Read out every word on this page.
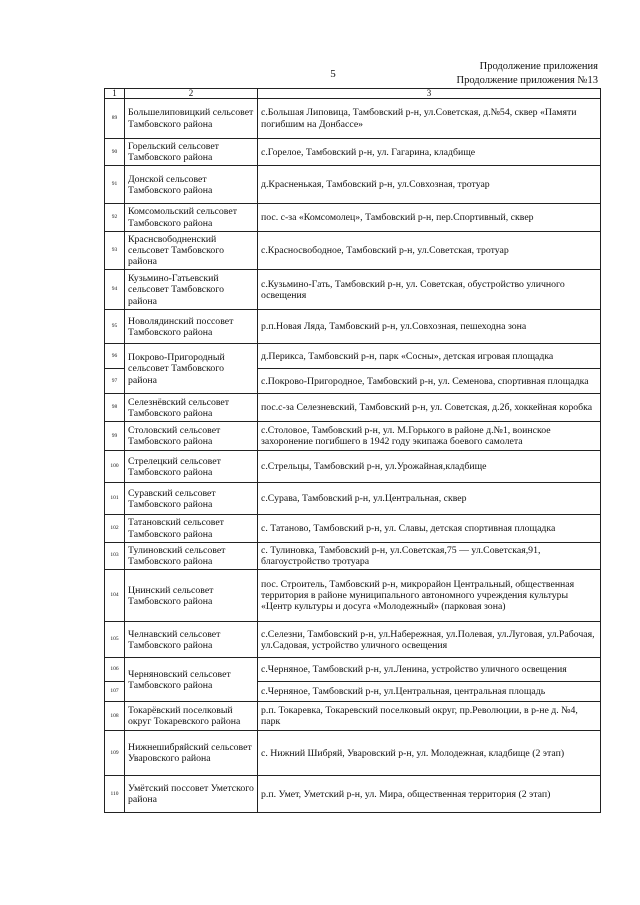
Продолжение приложения
5
Продолжение приложения №13
1	2	3
89	Большелиповицкий сельсовет Тамбовского района	с.Большая Липовица, Тамбовский р-н, ул.Советская, д.№54, сквер «Памяти погибшим на Донбассе»
90	Горельский сельсовет Тамбовского района	с.Горелое, Тамбовский р-н, ул. Гагарина, кладбище
91	Донской сельсовет Тамбовского района	д.Красненькая, Тамбовский р-н, ул.Совхозная, тротуар
92	Комсомольский сельсовет Тамбовского района	пос. с-за «Комсомолец», Тамбовский р-н, пер.Спортивный, сквер
93	Краснсвободненский сельсовет Тамбовского района	с.Красносвободное, Тамбовский р-н, ул.Советская, тротуар
94	Кузьмино-Гатьевский сельсовет Тамбовского района	с.Кузьмино-Гать, Тамбовский р-н, ул. Советская, обустройство уличного освещения
95	Новолядинский поссовет Тамбовского района	р.п.Новая Ляда, Тамбовский р-н, ул.Совхозная, пешеходна зона
96	Покрово-Пригородный сельсовет Тамбовского района	д.Перикса, Тамбовский р-н, парк «Сосны», детская игровая площадка
97		с.Покрово-Пригородное, Тамбовский р-н, ул. Семенова, спортивная площадка
98	Селезнёвский сельсовет Тамбовского района	пос.с-за Селезневский, Тамбовский р-н, ул. Советская, д.2б, хоккейная коробка
99	Столовский сельсовет Тамбовского района	с.Столовое, Тамбовский р-н, ул. М.Горького в районе д.№1, воинское захоронение погибшего в 1942 году экипажа боевого самолета
100	Стрелецкий сельсовет Тамбовского района	с.Стрельцы, Тамбовский р-н, ул.Урожайная,кладбище
101	Суравский сельсовет Тамбовского района	с.Сурава, Тамбовский р-н, ул.Центральная, сквер
102	Татановский сельсовет Тамбовского района	с. Татаново, Тамбовский р-н, ул. Славы, детская спортивная площадка
103	Тулиновский сельсовет Тамбовского района	с. Тулиновка, Тамбовский р-н, ул.Советская,75 — ул.Советская,91, благоустройство тротуара
104	Цнинский сельсовет Тамбовского района	пос. Строитель, Тамбовский р-н, микрорайон Центральный, общественная территория в районе муниципального автономного учреждения культуры «Центр культуры и досуга «Молодежный» (парковая зона)
105	Челнавский сельсовет Тамбовского района	с.Селезни, Тамбовский р-н, ул.Набережная, ул.Полевая, ул.Луговая, ул.Рабочая, ул.Садовая, устройство уличного освещения
106	Черняновский сельсовет Тамбовского района	с.Черняное, Тамбовский р-н, ул.Ленина, устройство уличного освещения
107		с.Черняное, Тамбовский р-н, ул.Центральная, центральная площадь
108	Токарёвский поселковый округ Токаревского района	р.п. Токаревка, Токаревский поселковый округ, пр.Революции, в р-не д. №4, парк
109	Нижнешибряйский сельсовет Уваровского района	с. Нижний Шибряй, Уваровский р-н, ул. Молодежная, кладбище (2 этап)
110	Умётский поссовет Уметского района	р.п. Умет, Уметский р-н, ул. Мира, общественная территория (2 этап)
